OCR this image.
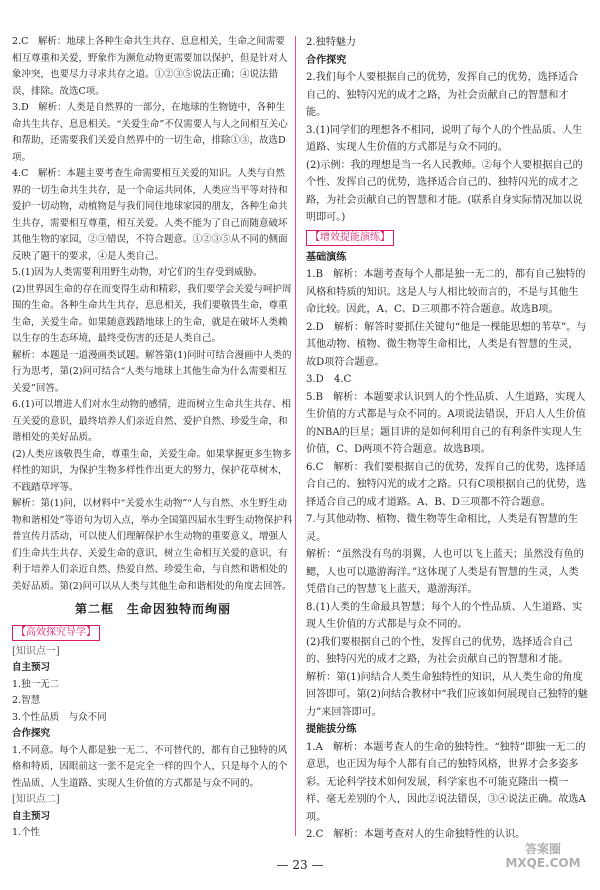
2.C　解析：地球上各种生命共生共存、息息相关，生命之间需要相互尊重和关爱，野象作为濒危动物更需要加以保护，但是针对人象冲突，也要尽力寻求共存之道。①②③⑤说法正确；④说法错误，排除。故选C项。

3.D　解析：人类是自然界的一部分，在地球的生物链中，各种生命共生共存、息息相关。“关爱生命”不仅需要人与人之间相互关心和帮助，还需要我们关爱自然界中的一切生命，排除①③，故选D项。

4.C　解析：本题主要考查生命需要相互关爱的知识。人类与自然界的一切生命共生共存，是一个命运共同体，人类应当平等对待和爱护一切动物，动植物是与我们同住地球家园的朋友，各种生命共生共存，需要相互尊重，相互关爱。人类不能为了自己而随意破坏其他生物的家园，②③错误，不符合题意。①②③⑤从不同的侧面反映了题干的要求，④是人类自己。

5.(1)因为人类需要利用野生动物，对它们的生存受到威胁。

(2)世界因生命的存在而变得生动和精彩，我们要学会关爱与呵护周围的生命。各种生命共生共存，息息相关，我们要敬畏生命，尊重生命，关爱生命。如果随意践踏地球上的生命，就是在破坏人类赖以生存的生态环境，最终受伤害的还是人类自己。

解析：本题是一道漫画类试题。解答第(1)问时可结合漫画中人类的行为思考，第(2)问可结合“人类与地球上其他生命为什么需要相互关爱”回答。

6.(1)可以增进人们对水生动物的感情，进而树立生命共生共存、相互关爱的意识，最终培养人们亲近自然、爱护自然、珍爱生命，和谐相处的美好品质。

(2)人类应该敬畏生命，尊重生命，关爱生命。如果掌握更多生物多样性的知识，为保护生物多样性作出更大的努力，保护花草树木，不践踏草坪等。

解析：第(1)问，以材料中“关爱水生动物”“人与自然、水生野生动物和谐相处”等语句为切入点，举办全国第四届水生野生动物保护科普宣传月活动，可以使人们理解保护水生动物的重要意义，增强人们生命共生共存、关爱生命的意识，树立生命相互关爱的意识，有利于培养人们亲近自然、热爱自然、珍爱生命，与自然和谐相处的美好品质。第(2)问可以从人类与其他生命和谐相处的角度去回答。

第二框　生命因独特而绚丽
【高效探究导学】
[知识点一]
自主预习

1.独一无二

2.智慧

3.个性品质　与众不同

合作探究

1.不同意。每个人都是独一无二、不可替代的，都有自己独特的风格和特质，因眼前这一张不是完全一样的四个人，只是每个人的个性品质、人生道路、实现人生价值的方式都是与众不同的。

[知识点二]
自主预习

1.个性

2.独特魅力

合作探究

2.我们每个人要根据自己的优势，发挥自己的优势，选择适合自己的、独特闪光的成才之路，为社会贡献自己的智慧和才能。

3.(1)同学们的理想各不相同，说明了每个人的个性品质、人生道路、实现人生价值的方式都是与众不同的。

(2)示例：我的理想是当一名人民教师。②每个人要根据自己的个性、发挥自己的优势，选择适合自己的、独特闪光的成才之路，为社会贡献自己的智慧和才能。(联系自身实际情况加以说明即可。)

【增效提能演练】
基础演练

1.B　解析：本题考查每个人都是独一无二的，都有自己独特的风格和特质的知识。这是人与人相比较而言的，不是与其他生命比较。因此，A、C、D三项都不符合题意。故选B项。

2.D　解析：解答时要抓住关键句“他是一棵能思想的苇草”。与其他动物、植物、微生物等生命相比，人类是有智慧的生灵，故D项符合题意。

3.D　4.C

5.B　解析：本题要求认识到人的个性品质、人生道路，实现人生价值的方式都是与众不同的。A项说法错误，开启人人生价值的NBA的巨星；题目讲的是如何利用自己的有利条件实现人生价值，C、D两项不符合题意。故选B项。

6.C　解析：我们要根据自己的优势，发挥自己的优势，选择适合自己的、独特闪光的成才之路。只有C项根据自己的优势，选择适合自己的成才道路。A、B、D三项都不符合题意。

7.与其他动物、植物、微生物等生命相比，人类是有智慧的生灵。

解析：“虽然没有鸟的羽翼，人也可以飞上蓝天；虽然没有鱼的鳃，人也可以遨游海洋。”这体现了人类是有智慧的生灵，人类凭借自己的智慧飞上蓝天，遨游海洋。

8.(1)人类的生命最具智慧；每个人的个性品质、人生道路、实现人生价值的方式都是与众不同的。

(2)我们要根据自己的个性，发挥自己的优势，选择适合自己的、独特闪光的成才之路，为社会贡献自己的智慧和才能。

解析：第(1)问结合人类生命独特性的知识，从人类生命的角度回答即可。第(2)问结合教材中“我们应该如何展现自己独特的魅力”来回答即可。

提能拔分练

1.A　解析：本题考查人的生命的独特性。“独特”即独一无二的意思，也正因为每个人都有自己的独特风格，世界才会多姿多彩。无论科学技术如何发展，科学家也不可能克隆出一模一样、毫无差别的个人，因此②说法错误，③④说法正确。故选A项。

2.C　解析：本题考查对人的生命独特性的认识。

— 23 —
答案圈
MXQE.COM
